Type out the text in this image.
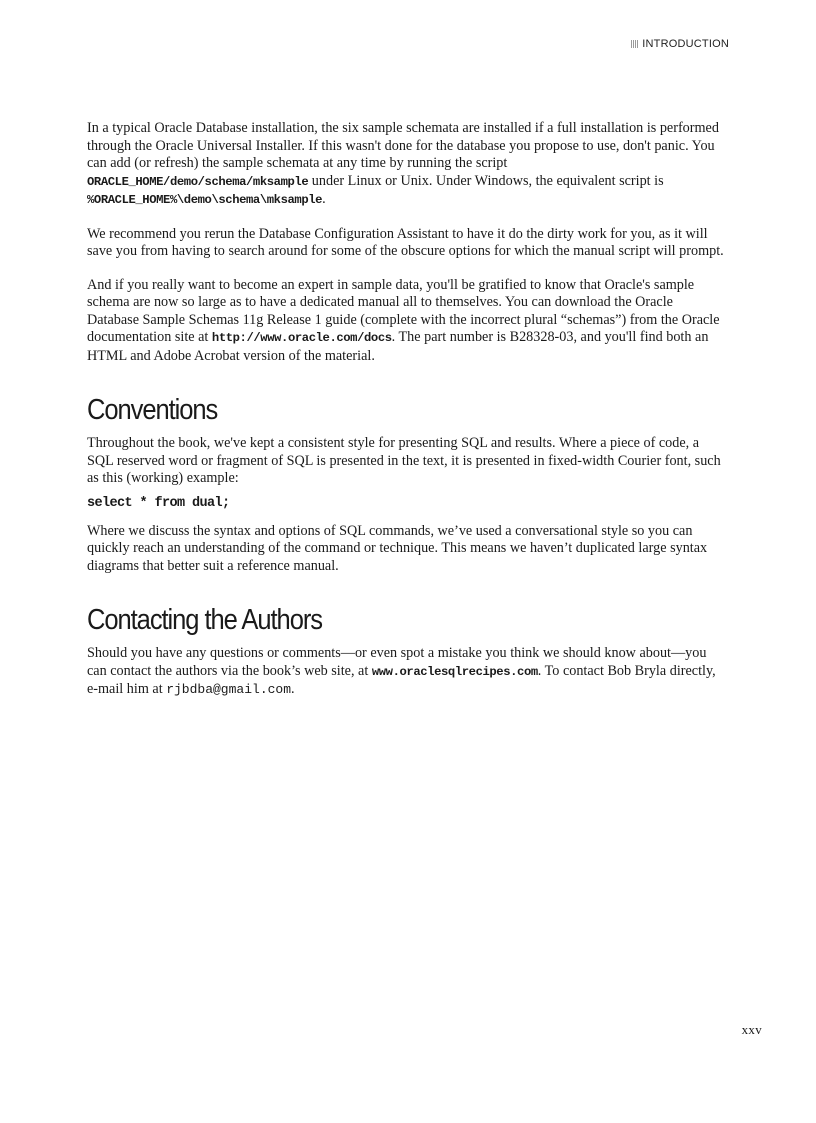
INTRODUCTION

In a typical Oracle Database installation, the six sample schemata are installed if a full installation is performed through the Oracle Universal Installer. If this wasn't done for the database you propose to use, don't panic. You can add (or refresh) the sample schemata at any time by running the script ORACLE_HOME/demo/schema/mksample under Linux or Unix. Under Windows, the equivalent script is %ORACLE_HOME%\demo\schema\mksample.

We recommend you rerun the Database Configuration Assistant to have it do the dirty work for you, as it will save you from having to search around for some of the obscure options for which the manual script will prompt.

And if you really want to become an expert in sample data, you'll be gratified to know that Oracle's sample schema are now so large as to have a dedicated manual all to themselves. You can download the Oracle Database Sample Schemas 11g Release 1 guide (complete with the incorrect plural “schemas”) from the Oracle documentation site at http://www.oracle.com/docs. The part number is B28328-03, and you'll find both an HTML and Adobe Acrobat version of the material.

Conventions

Throughout the book, we've kept a consistent style for presenting SQL and results. Where a piece of code, a SQL reserved word or fragment of SQL is presented in the text, it is presented in fixed-width Courier font, such as this (working) example:

select * from dual;

Where we discuss the syntax and options of SQL commands, we’ve used a conversational style so you can quickly reach an understanding of the command or technique. This means we haven’t duplicated large syntax diagrams that better suit a reference manual.

Contacting the Authors

Should you have any questions or comments—or even spot a mistake you think we should know about—you can contact the authors via the book’s web site, at www.oraclesqlrecipes.com. To contact Bob Bryla directly, e-mail him at rjbdba@gmail.com.

xxv
